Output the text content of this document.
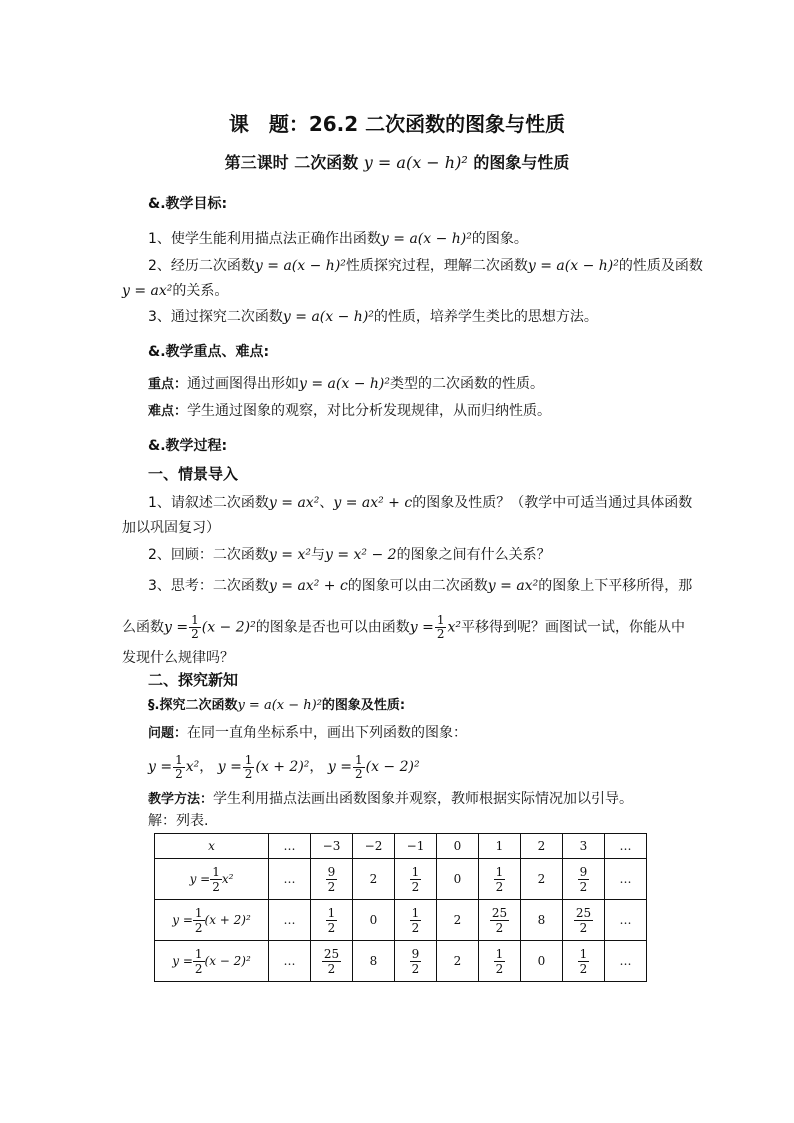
课　题：26.2 二次函数的图象与性质
第三课时 二次函数 y = a(x − h)² 的图象与性质
&.教学目标:
1、使学生能利用描点法正确作出函数y = a(x − h)²的图象。
2、经历二次函数y = a(x − h)²性质探究过程，理解二次函数y = a(x − h)²的性质及函数
y = ax²的关系。
3、通过探究二次函数y = a(x − h)²的性质，培养学生类比的思想方法。
&.教学重点、难点:
重点：通过画图得出形如y = a(x − h)²类型的二次函数的性质。
难点：学生通过图象的观察，对比分析发现规律，从而归纳性质。
&.教学过程:
一、情景导入
1、请叙述二次函数y = ax²、y = ax² + c的图象及性质？（教学中可适当通过具体函数
加以巩固复习）
2、回顾：二次函数y = x²与y = x² − 2的图象之间有什么关系？
3、思考：二次函数y = ax² + c的图象可以由二次函数y = ax²的图象上下平移所得，那
么函数$y = \frac{1}{2} (x - 2)^2$的图象是否也可以由函数$y = \frac{1}{2} x^2$平移得到呢？画图试一试，你能从中
发现什么规律吗？
二、探究新知
§.探究二次函数y = a(x − h)²的图象及性质:
问题：在同一直角坐标系中，画出下列函数的图象：
$y = \frac{1}{2} x^2$， $y = \frac{1}{2} (x + 2)^2$， $y = \frac{1}{2} (x - 2)^2$
教学方法：学生利用描点法画出函数图象并观察，教师根据实际情况加以引导。
解：列表.
x	…	−3	−2	−1	0	1	2	3	…
$y = \frac{1}{2} x^2$	…	$\frac{9}{2}$	2	$\frac{1}{2}$	0	$\frac{1}{2}$	2	$\frac{9}{2}$	…
$y = \frac{1}{2} (x + 2)^2$	…	$\frac{1}{2}$	0	$\frac{1}{2}$	2	$\frac{25}{2}$	8	$\frac{25}{2}$	…
$y = \frac{1}{2} (x - 2)^2$	…	$\frac{25}{2}$	8	$\frac{9}{2}$	2	$\frac{1}{2}$	0	$\frac{1}{2}$	…
